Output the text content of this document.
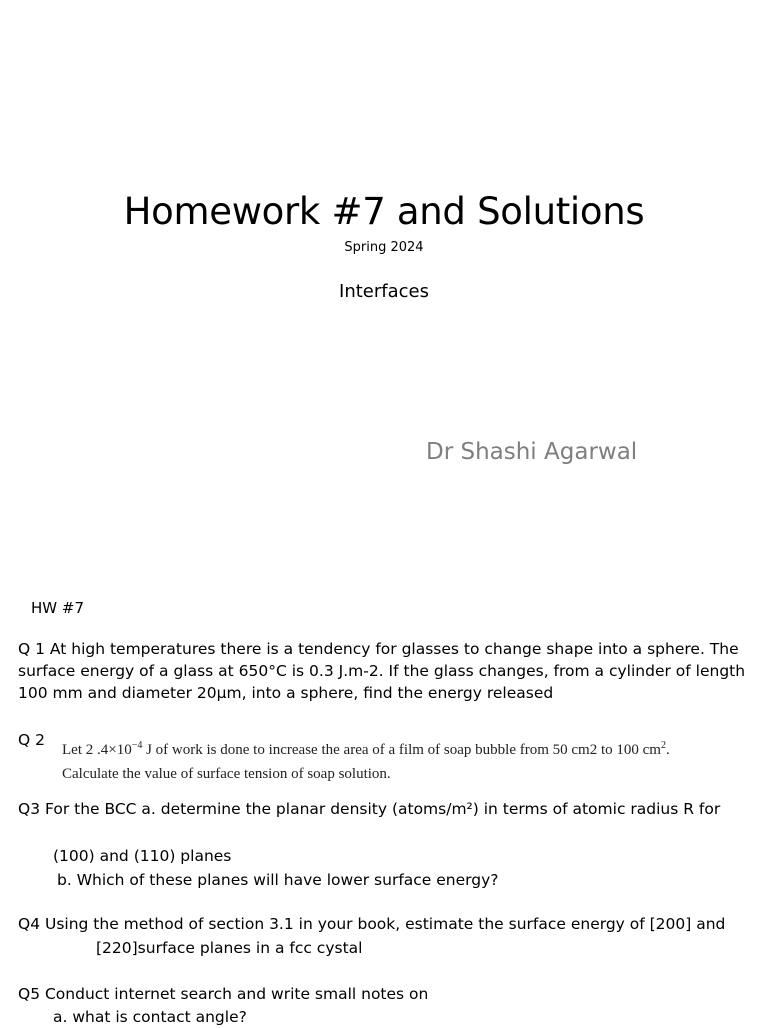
Homework #7 and Solutions
Spring 2024
Interfaces
Dr Shashi Agarwal
HW #7
Q 1 At high temperatures there is a tendency for glasses to change shape into a sphere. The surface energy of a glass at 650°C is 0.3 J.m-2. If the glass changes, from a cylinder of length 100 mm and diameter 20μm, into a sphere, find the energy released
Q 2
Let 2 $.4\times 10^{-4}$ J of work is done to increase the area of a film of soap bubble from 50 cm2 to 100 $cm^2$.
Calculate the value of surface tension of soap solution.
Q3 For the BCC a. determine the planar density (atoms/m²) in terms of atomic radius R for
(100) and (110) planes
b. Which of these planes will have lower surface energy?
Q4 Using the method of section 3.1 in your book, estimate the surface energy of [200] and
[220]surface planes in a fcc cystal
Q5 Conduct internet search and write small notes on
a. what is contact angle?
